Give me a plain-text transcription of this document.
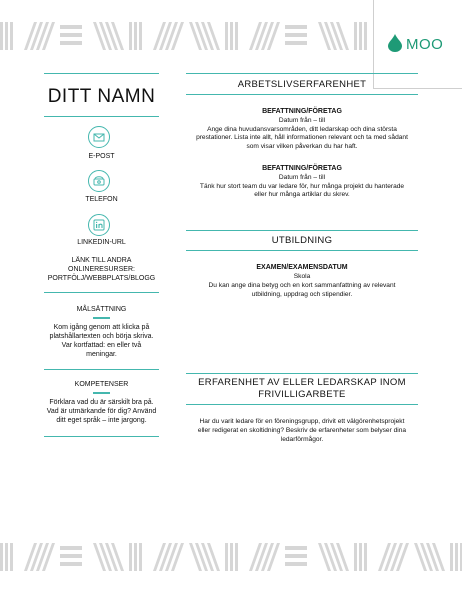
MOO
DITT NAMN
E-POST
TELEFON
LINKEDIN-URL
LÄNK TILL ANDRA
ONLINERESURSER:
PORTFÖLJ/WEBBPLATS/BLOGG
MÅLSÄTTNING
Kom igång genom att klicka på
platshållartexten och börja skriva.
Var kortfattad: en eller två
meningar.
KOMPETENSER
Förklara vad du är särskilt bra på.
Vad är utmärkande för dig? Använd
ditt eget språk – inte jargong.
ARBETSLIVSERFARENHET
BEFATTNING/FÖRETAG
Datum från – till
Ange dina huvudansvarsområden, ditt ledarskap och dina största
prestationer. Lista inte allt, håll informationen relevant och ta med sådant
som visar vilken påverkan du har haft.
BEFATTNING/FÖRETAG
Datum från – till
Tänk hur stort team du var ledare för, hur många projekt du hanterade
eller hur många artiklar du skrev.
UTBILDNING
EXAMEN/EXAMENSDATUM
Skola
Du kan ange dina betyg och en kort sammanfattning av relevant
utbildning, uppdrag och stipendier.
ERFARENHET AV ELLER LEDARSKAP INOM
FRIVILLIGARBETE
Har du varit ledare för en föreningsgrupp, drivit ett välgörenhetsprojekt
eller redigerat en skoltidning? Beskriv de erfarenheter som belyser dina
ledarförmågor.
